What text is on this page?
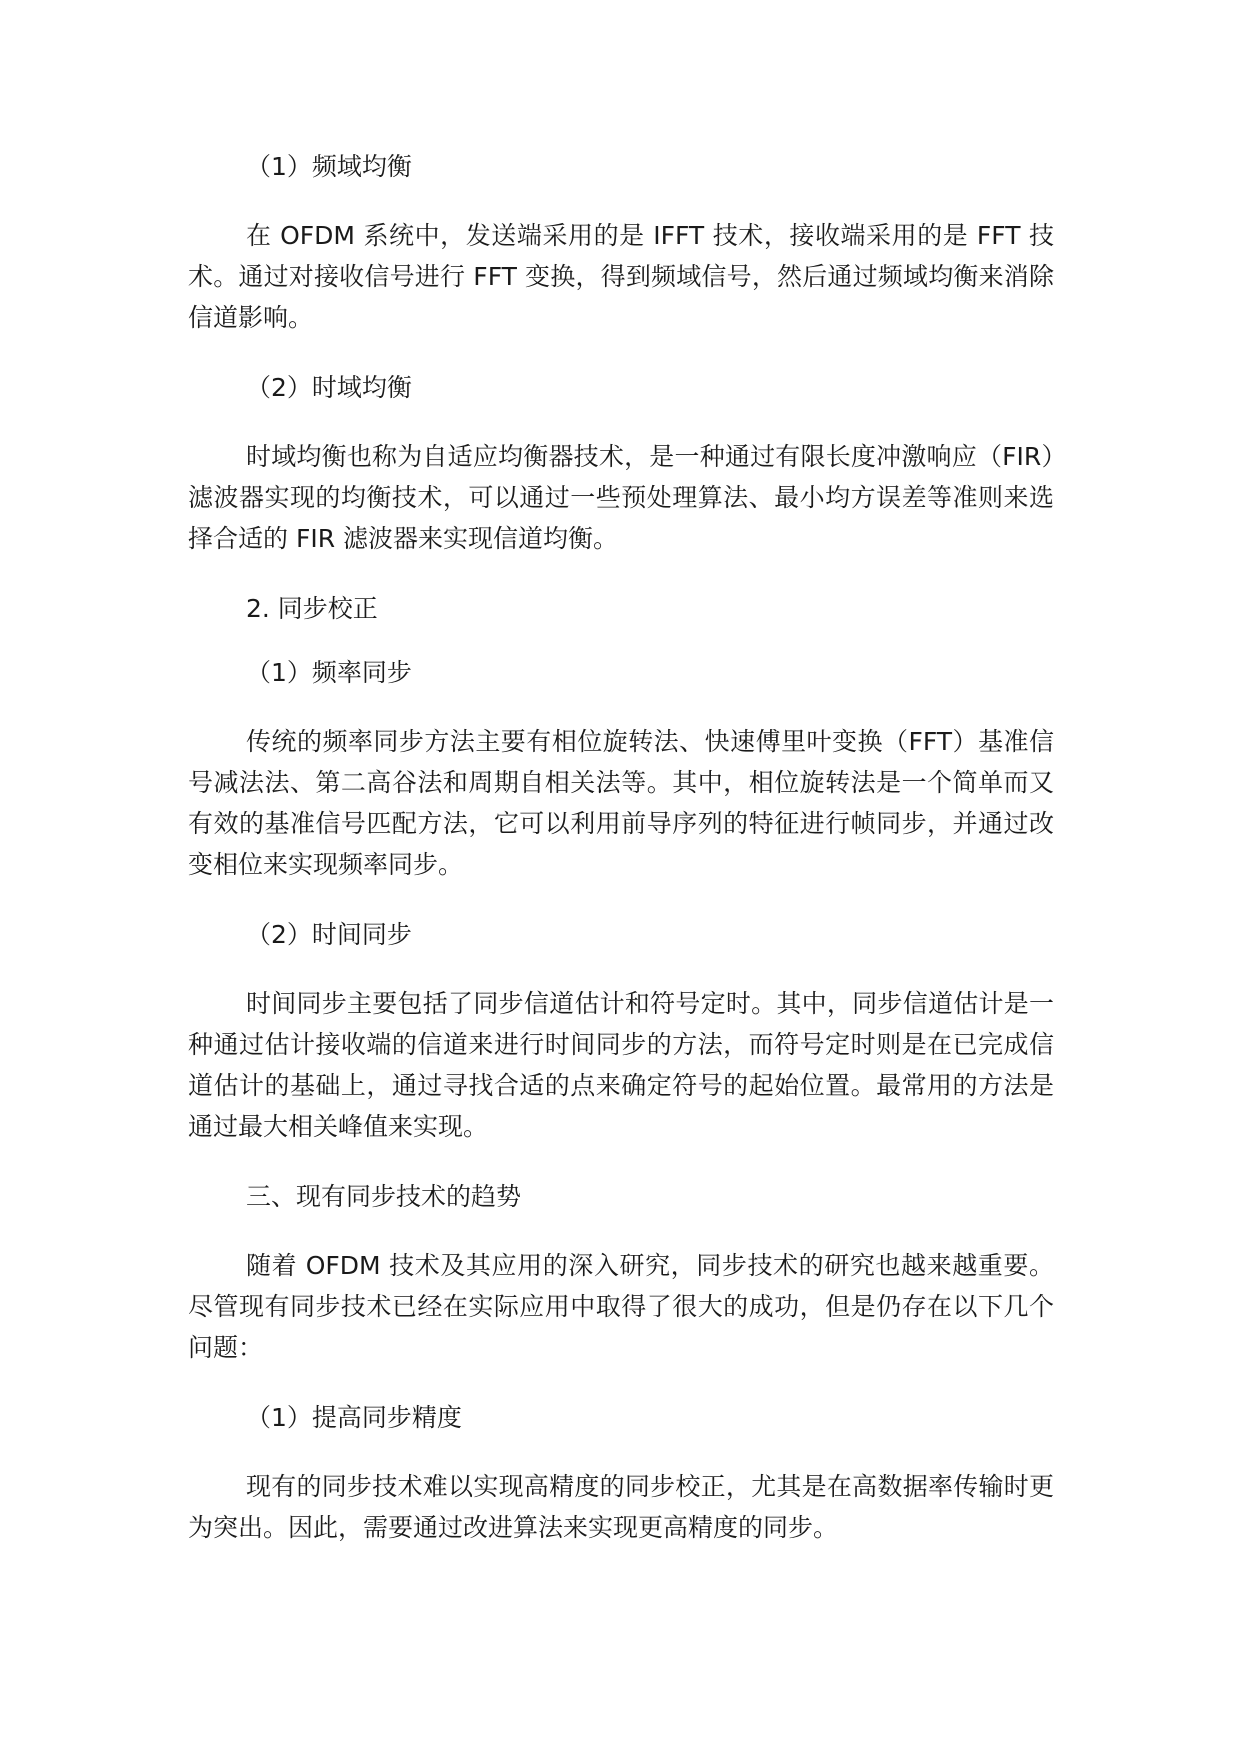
（1）频域均衡

在 OFDM 系统中，发送端采用的是 IFFT 技术，接收端采用的是 FFT 技术。通过对接收信号进行 FFT 变换，得到频域信号，然后通过频域均衡来消除信道影响。

（2）时域均衡

时域均衡也称为自适应均衡器技术，是一种通过有限长度冲激响应（FIR）滤波器实现的均衡技术，可以通过一些预处理算法、最小均方误差等准则来选择合适的 FIR 滤波器来实现信道均衡。

2. 同步校正

（1）频率同步

传统的频率同步方法主要有相位旋转法、快速傅里叶变换（FFT）基准信号减法法、第二高谷法和周期自相关法等。其中，相位旋转法是一个简单而又有效的基准信号匹配方法，它可以利用前导序列的特征进行帧同步，并通过改变相位来实现频率同步。

（2）时间同步

时间同步主要包括了同步信道估计和符号定时。其中，同步信道估计是一种通过估计接收端的信道来进行时间同步的方法，而符号定时则是在已完成信道估计的基础上，通过寻找合适的点来确定符号的起始位置。最常用的方法是通过最大相关峰值来实现。

三、现有同步技术的趋势

随着 OFDM 技术及其应用的深入研究，同步技术的研究也越来越重要。尽管现有同步技术已经在实际应用中取得了很大的成功，但是仍存在以下几个问题：

（1）提高同步精度

现有的同步技术难以实现高精度的同步校正，尤其是在高数据率传输时更为突出。因此，需要通过改进算法来实现更高精度的同步。
